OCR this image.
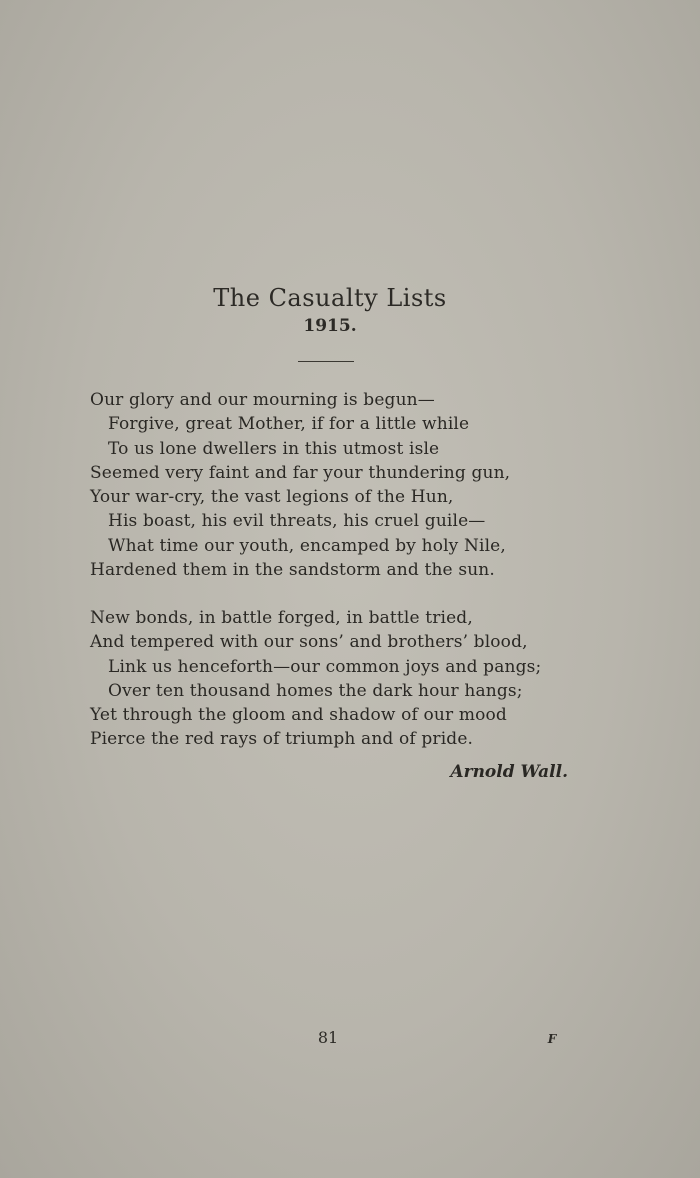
The Casualty Lists
1915.
Our glory and our mourning is begun—
Forgive, great Mother, if for a little while
To us lone dwellers in this utmost isle
Seemed very faint and far your thundering gun,
Your war-cry, the vast legions of the Hun,
His boast, his evil threats, his cruel guile—
What time our youth, encamped by holy Nile,
Hardened them in the sandstorm and the sun.
New bonds, in battle forged, in battle tried,
And tempered with our sons’ and brothers’ blood,
Link us henceforth—our common joys and pangs;
Over ten thousand homes the dark hour hangs;
Yet through the gloom and shadow of our mood
Pierce the red rays of triumph and of pride.
Arnold Wall.
81	F
